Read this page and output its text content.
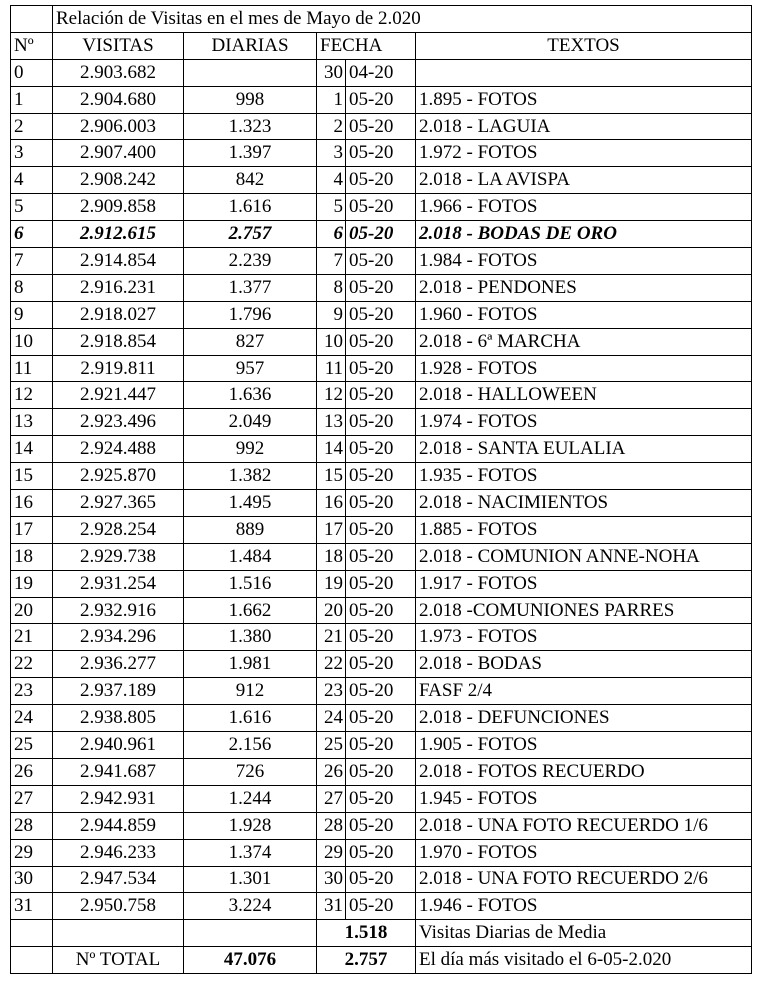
	Relación de Visitas en el mes de Mayo de 2.020				
Nº	VISITAS	DIARIAS	FECHA		TEXTOS
0	2.903.682		30	04-20	
1	2.904.680	998	1	05-20	1.895 - FOTOS
2	2.906.003	1.323	2	05-20	2.018 - LAGUIA
3	2.907.400	1.397	3	05-20	1.972 - FOTOS
4	2.908.242	842	4	05-20	2.018 - LA AVISPA
5	2.909.858	1.616	5	05-20	1.966 - FOTOS
6	2.912.615	2.757	6	05-20	2.018 - BODAS DE ORO
7	2.914.854	2.239	7	05-20	1.984 - FOTOS
8	2.916.231	1.377	8	05-20	2.018 - PENDONES
9	2.918.027	1.796	9	05-20	1.960 - FOTOS
10	2.918.854	827	10	05-20	2.018 - 6ª MARCHA
11	2.919.811	957	11	05-20	1.928 - FOTOS
12	2.921.447	1.636	12	05-20	2.018 - HALLOWEEN
13	2.923.496	2.049	13	05-20	1.974 - FOTOS
14	2.924.488	992	14	05-20	2.018 - SANTA EULALIA
15	2.925.870	1.382	15	05-20	1.935 - FOTOS
16	2.927.365	1.495	16	05-20	2.018 - NACIMIENTOS
17	2.928.254	889	17	05-20	1.885 - FOTOS
18	2.929.738	1.484	18	05-20	2.018 - COMUNION ANNE-NOHA
19	2.931.254	1.516	19	05-20	1.917 - FOTOS
20	2.932.916	1.662	20	05-20	2.018 -COMUNIONES PARRES
21	2.934.296	1.380	21	05-20	1.973 - FOTOS
22	2.936.277	1.981	22	05-20	2.018 - BODAS
23	2.937.189	912	23	05-20	FASF 2/4
24	2.938.805	1.616	24	05-20	2.018 - DEFUNCIONES
25	2.940.961	2.156	25	05-20	1.905 - FOTOS
26	2.941.687	726	26	05-20	2.018 - FOTOS RECUERDO
27	2.942.931	1.244	27	05-20	1.945 - FOTOS
28	2.944.859	1.928	28	05-20	2.018 - UNA FOTO RECUERDO 1/6
29	2.946.233	1.374	29	05-20	1.970 - FOTOS
30	2.947.534	1.301	30	05-20	2.018 - UNA FOTO RECUERDO 2/6
31	2.950.758	3.224	31	05-20	1.946 - FOTOS
			1.518		Visitas Diarias de Media
	Nº TOTAL	47.076	2.757		El día más visitado el 6-05-2.020
